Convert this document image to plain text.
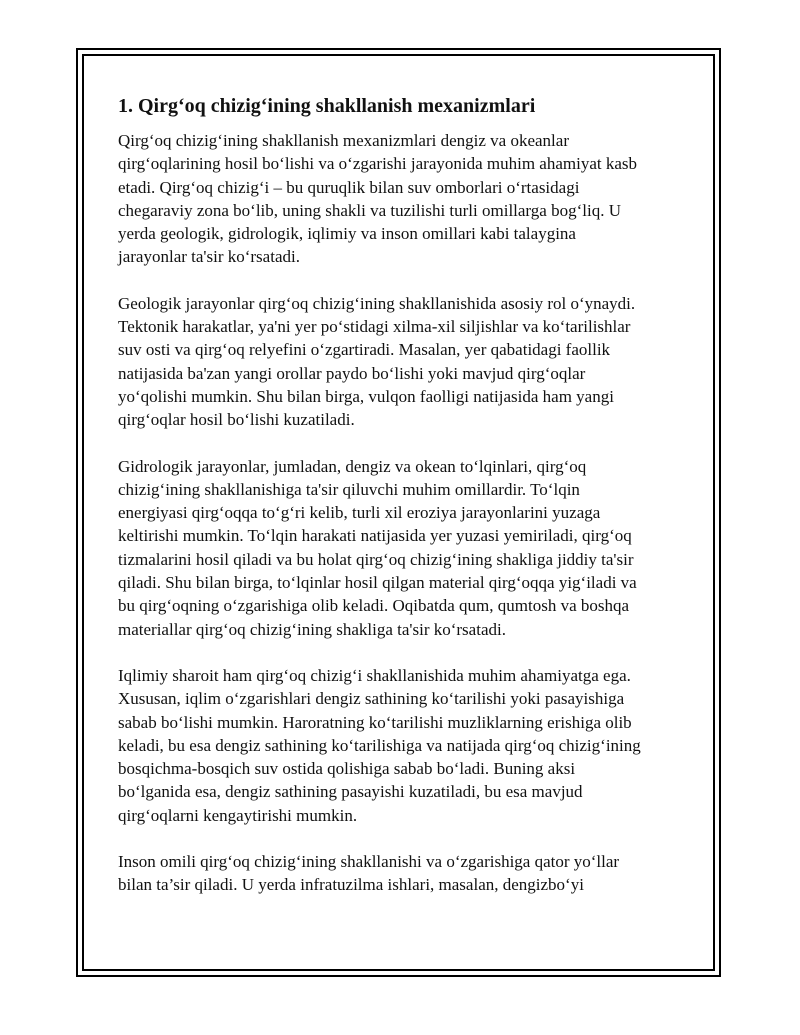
1. Qirg‘oq chizig‘ining shakllanish mexanizmlari
Qirg‘oq chizig‘ining shakllanish mexanizmlari dengiz va okeanlar
qirg‘oqlarining hosil bo‘lishi va o‘zgarishi jarayonida muhim ahamiyat kasb
etadi. Qirg‘oq chizig‘i – bu quruqlik bilan suv omborlari o‘rtasidagi
chegaraviy zona bo‘lib, uning shakli va tuzilishi turli omillarga bog‘liq. U
yerda geologik, gidrologik, iqlimiy va inson omillari kabi talaygina
jarayonlar ta'sir ko‘rsatadi.
Geologik jarayonlar qirg‘oq chizig‘ining shakllanishida asosiy rol o‘ynaydi.
Tektonik harakatlar, ya'ni yer po‘stidagi xilma-xil siljishlar va ko‘tarilishlar
suv osti va qirg‘oq relyefini o‘zgartiradi. Masalan, yer qabatidagi faollik
natijasida ba'zan yangi orollar paydo bo‘lishi yoki mavjud qirg‘oqlar
yo‘qolishi mumkin. Shu bilan birga, vulqon faolligi natijasida ham yangi
qirg‘oqlar hosil bo‘lishi kuzatiladi.
Gidrologik jarayonlar, jumladan, dengiz va okean to‘lqinlari, qirg‘oq
chizig‘ining shakllanishiga ta'sir qiluvchi muhim omillardir. To‘lqin
energiyasi qirg‘oqqa to‘g‘ri kelib, turli xil eroziya jarayonlarini yuzaga
keltirishi mumkin. To‘lqin harakati natijasida yer yuzasi yemiriladi, qirg‘oq
tizmalarini hosil qiladi va bu holat qirg‘oq chizig‘ining shakliga jiddiy ta'sir
qiladi. Shu bilan birga, to‘lqinlar hosil qilgan material qirg‘oqqa yig‘iladi va
bu qirg‘oqning o‘zgarishiga olib keladi. Oqibatda qum, qumtosh va boshqa
materiallar qirg‘oq chizig‘ining shakliga ta'sir ko‘rsatadi.
Iqlimiy sharoit ham qirg‘oq chizig‘i shakllanishida muhim ahamiyatga ega.
Xususan, iqlim o‘zgarishlari dengiz sathining ko‘tarilishi yoki pasayishiga
sabab bo‘lishi mumkin. Haroratning ko‘tarilishi muzliklarning erishiga olib
keladi, bu esa dengiz sathining ko‘tarilishiga va natijada qirg‘oq chizig‘ining
bosqichma-bosqich suv ostida qolishiga sabab bo‘ladi. Buning aksi
bo‘lganida esa, dengiz sathining pasayishi kuzatiladi, bu esa mavjud
qirg‘oqlarni kengaytirishi mumkin.
Inson omili qirg‘oq chizig‘ining shakllanishi va o‘zgarishiga qator yo‘llar
bilan ta’sir qiladi. U yerda infratuzilma ishlari, masalan, dengizbo‘yi
